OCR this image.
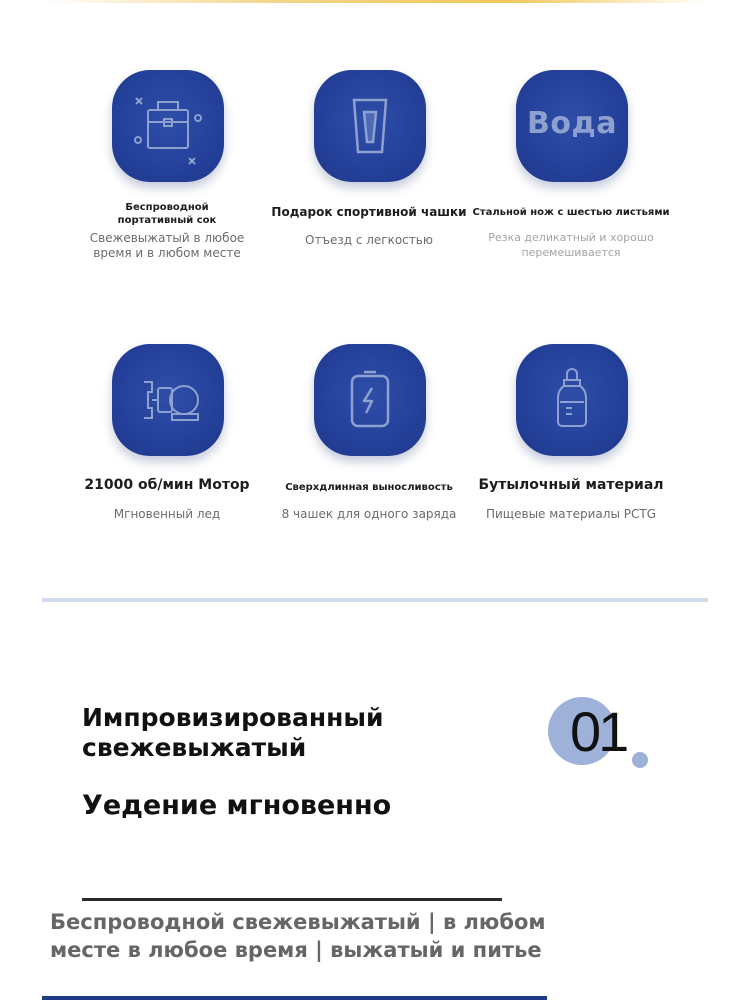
Беспроводной
портативный сок
Свежевыжатый в любое
время и в любом месте
Подарок спортивной чашки
Отъезд с легкостью
Вода
Стальной нож с шестью листьями
Резка деликатный и хорошо
перемешивается
21000 об/мин Мотор
Мгновенный лед
Сверхдлинная выносливость
8 чашек для одного заряда
Бутылочный материал
Пищевые материалы PCTG
Импровизированный
свежевыжатый
Уедение мгновенно
01
Беспроводной свежевыжатый | в любом месте в любое время | выжатый и питье
